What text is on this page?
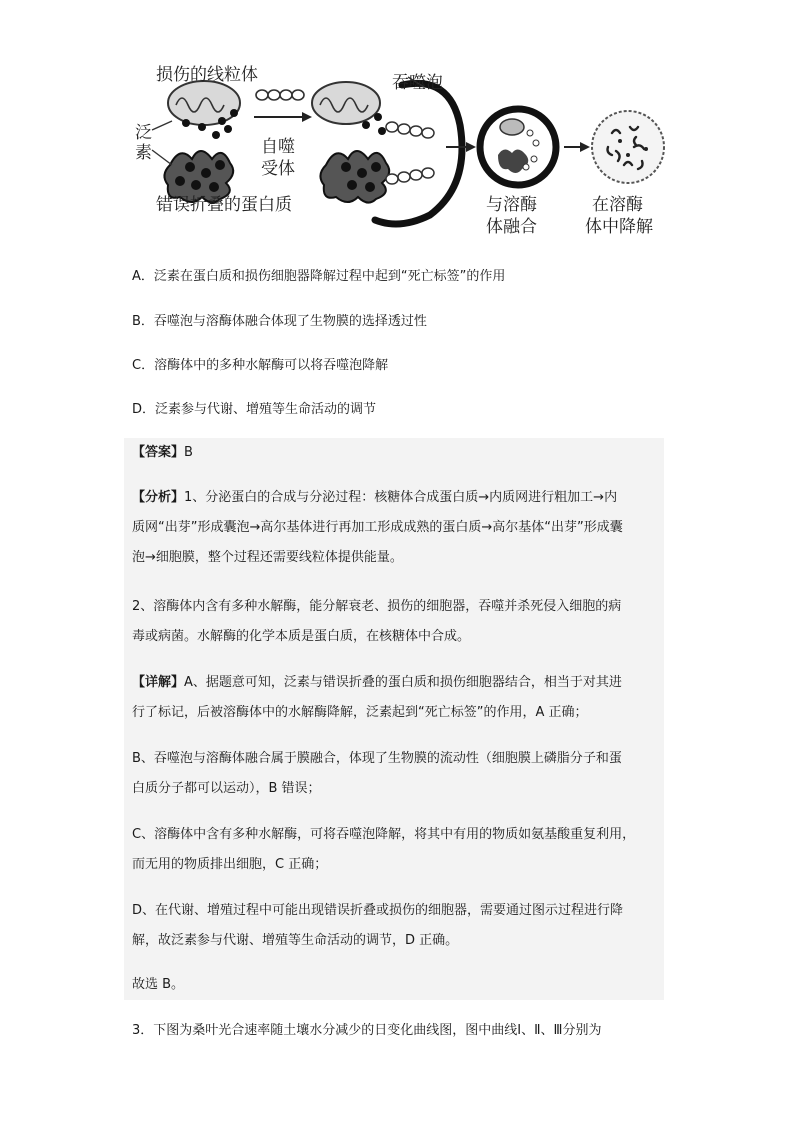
损伤的线粒体
泛
素
错误折叠的蛋白质
自噬
受体
吞噬泡
与溶酶
体融合
在溶酶
体中降解
A．泛素在蛋白质和损伤细胞器降解过程中起到“死亡标签”的作用
B．吞噬泡与溶酶体融合体现了生物膜的选择透过性
C．溶酶体中的多种水解酶可以将吞噬泡降解
D．泛素参与代谢、增殖等生命活动的调节
【答案】B
【分析】1、分泌蛋白的合成与分泌过程：核糖体合成蛋白质→内质网进行粗加工→内
质网“出芽”形成囊泡→高尔基体进行再加工形成成熟的蛋白质→高尔基体“出芽”形成囊
泡→细胞膜，整个过程还需要线粒体提供能量。
2、溶酶体内含有多种水解酶，能分解衰老、损伤的细胞器，吞噬并杀死侵入细胞的病
毒或病菌。水解酶的化学本质是蛋白质，在核糖体中合成。
【详解】A、据题意可知，泛素与错误折叠的蛋白质和损伤细胞器结合，相当于对其进
行了标记，后被溶酶体中的水解酶降解，泛素起到“死亡标签”的作用，A 正确；
B、吞噬泡与溶酶体融合属于膜融合，体现了生物膜的流动性（细胞膜上磷脂分子和蛋
白质分子都可以运动），B 错误；
C、溶酶体中含有多种水解酶，可将吞噬泡降解，将其中有用的物质如氨基酸重复利用，
而无用的物质排出细胞，C 正确；
D、在代谢、增殖过程中可能出现错误折叠或损伤的细胞器，需要通过图示过程进行降
解，故泛素参与代谢、增殖等生命活动的调节，D 正确。
故选 B。
3．下图为桑叶光合速率随土壤水分减少的日变化曲线图，图中曲线Ⅰ、Ⅱ、Ⅲ分别为
